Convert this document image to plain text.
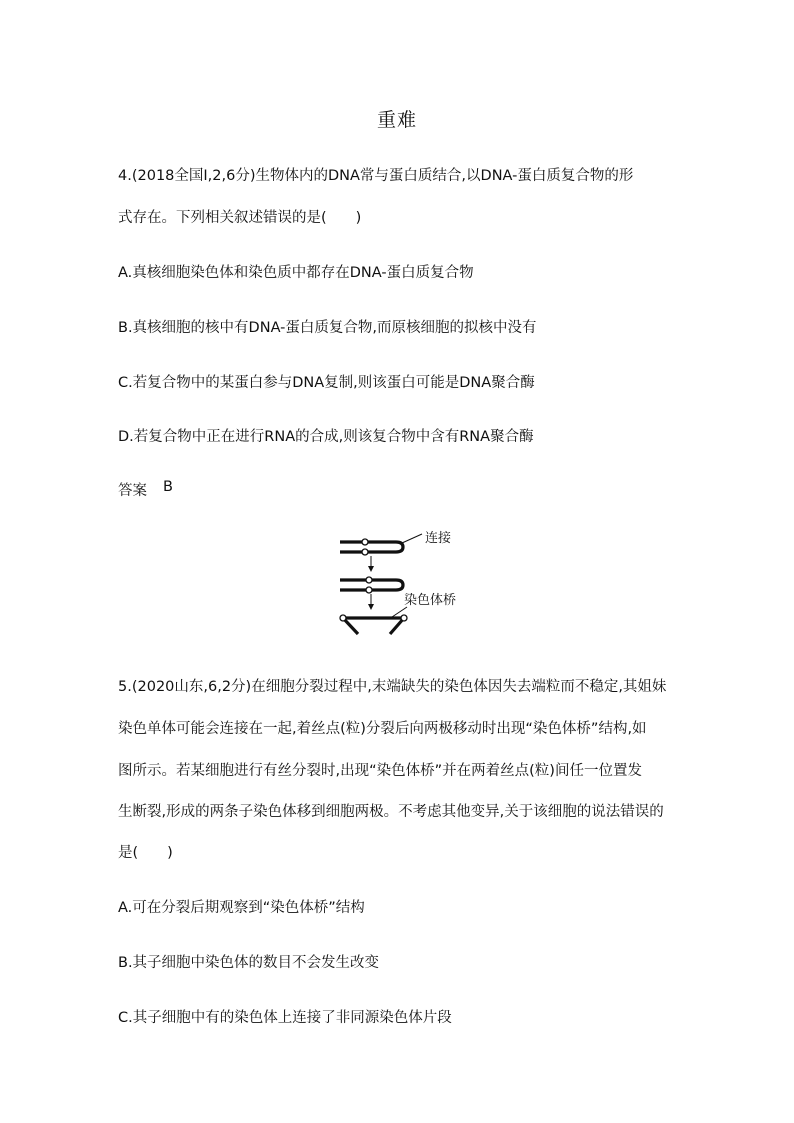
重难
4.(2018全国Ⅰ,2,6分)生物体内的DNA常与蛋白质结合,以DNA-蛋白质复合物的形
式存在。下列相关叙述错误的是(　　)
A.真核细胞染色体和染色质中都存在DNA-蛋白质复合物
B.真核细胞的核中有DNA-蛋白质复合物,而原核细胞的拟核中没有
C.若复合物中的某蛋白参与DNA复制,则该蛋白可能是DNA聚合酶
D.若复合物中正在进行RNA的合成,则该复合物中含有RNA聚合酶
答案 B
连接
染色体桥
5.(2020山东,6,2分)在细胞分裂过程中,末端缺失的染色体因失去端粒而不稳定,其姐妹
染色单体可能会连接在一起,着丝点(粒)分裂后向两极移动时出现“染色体桥”结构,如
图所示。若某细胞进行有丝分裂时,出现“染色体桥”并在两着丝点(粒)间任一位置发
生断裂,形成的两条子染色体移到细胞两极。不考虑其他变异,关于该细胞的说法错误的
是(　　)
A.可在分裂后期观察到“染色体桥”结构
B.其子细胞中染色体的数目不会发生改变
C.其子细胞中有的染色体上连接了非同源染色体片段
